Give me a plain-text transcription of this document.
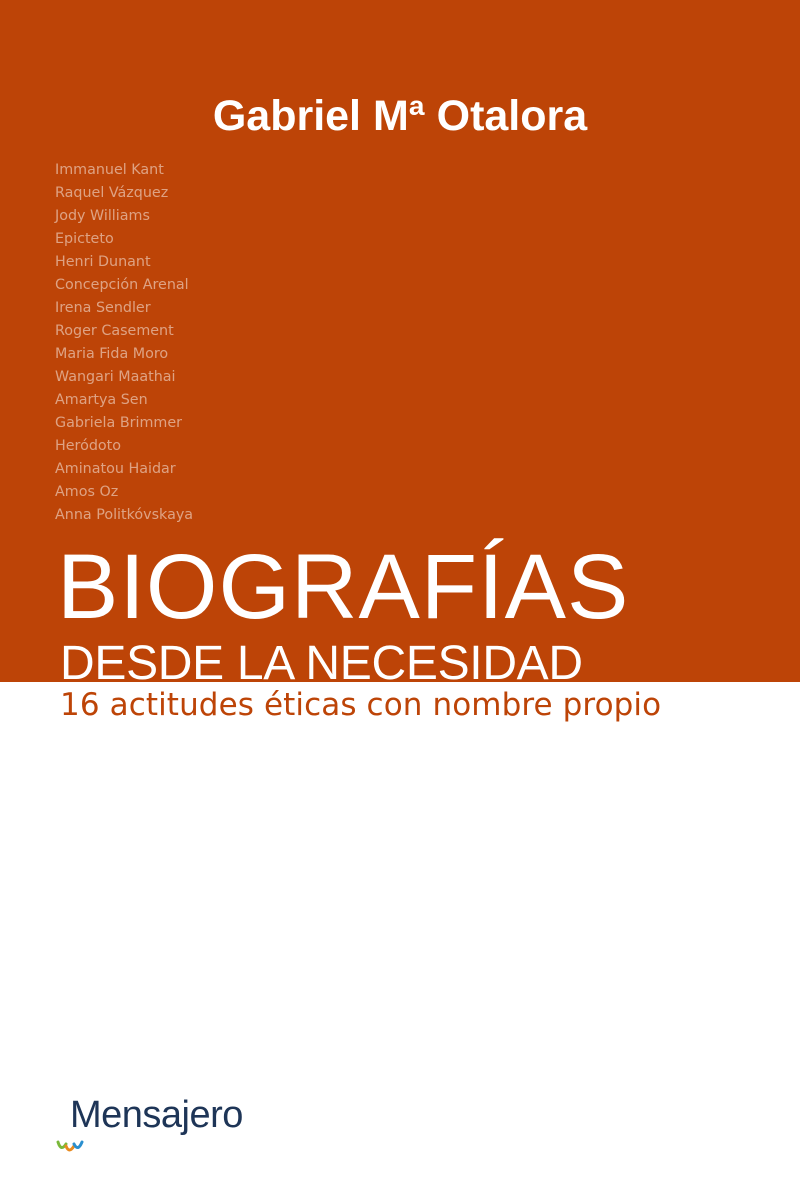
Gabriel Mª Otalora
Immanuel Kant
Raquel Vázquez
Jody Williams
Epicteto
Henri Dunant
Concepción Arenal
Irena Sendler
Roger Casement
Maria Fida Moro
Wangari Maathai
Amartya Sen
Gabriela Brimmer
Heródoto
Aminatou Haidar
Amos Oz
Anna Politkóvskaya
BIOGRAFÍAS
DESDE LA NECESIDAD
16 actitudes éticas con nombre propio
Mensajero
